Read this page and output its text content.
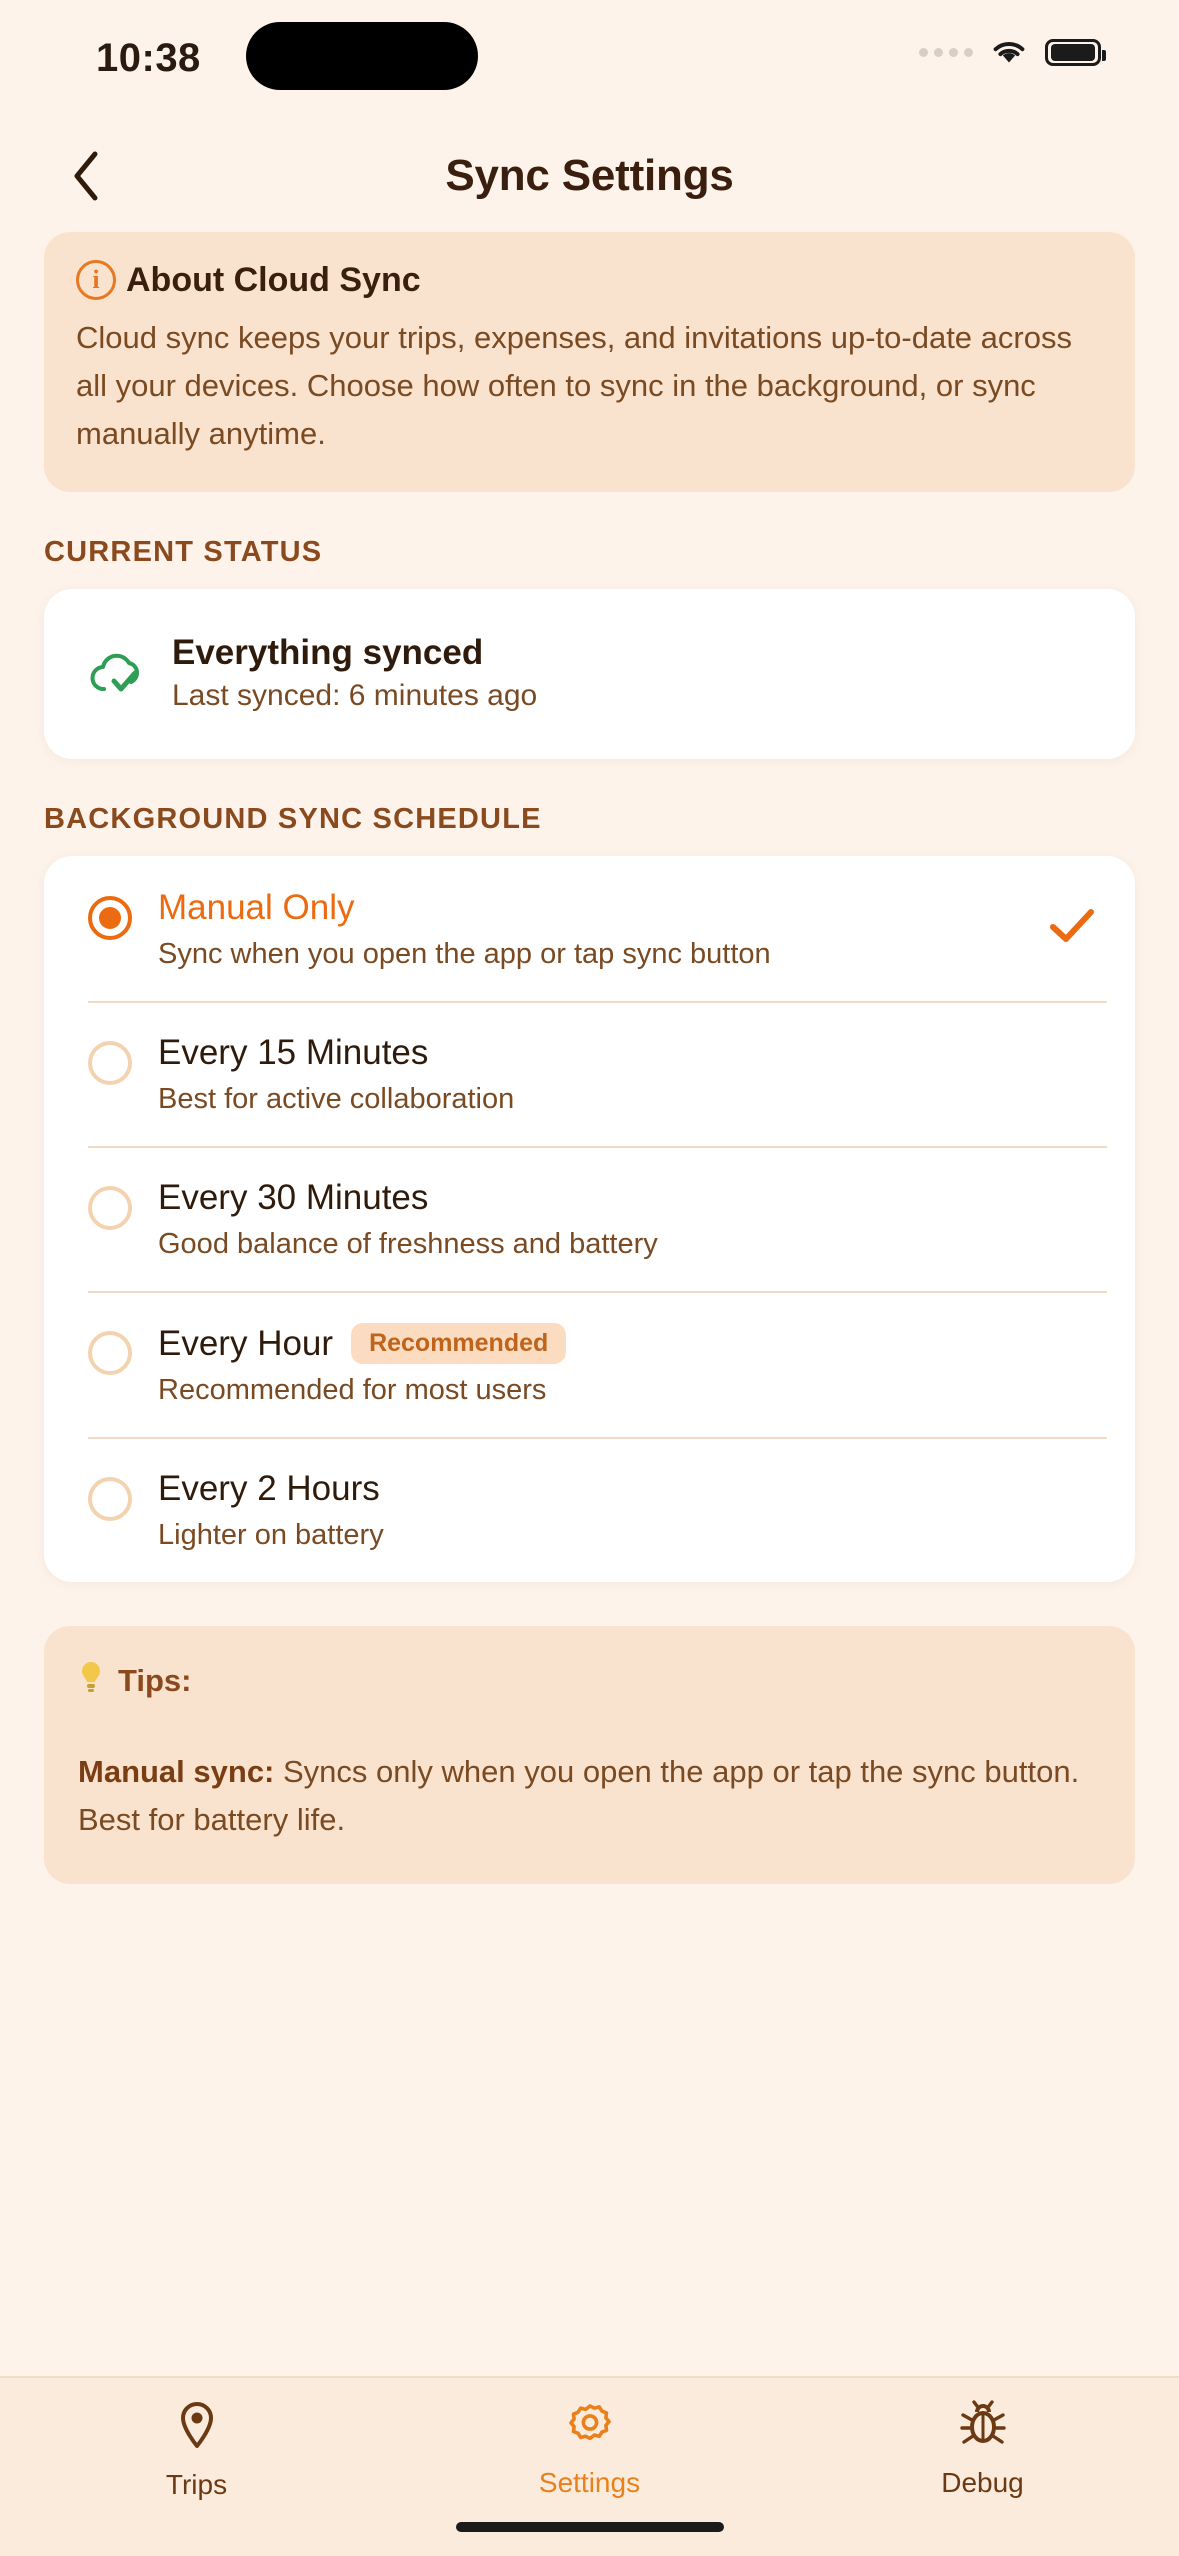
10:38
Sync Settings
i About Cloud Sync
Cloud sync keeps your trips, expenses, and invitations up-to-date across all your devices. Choose how often to sync in the background, or sync manually anytime.
CURRENT STATUS
Everything synced
Last synced: 6 minutes ago
BACKGROUND SYNC SCHEDULE
Manual Only
Sync when you open the app or tap sync button
Every 15 Minutes
Best for active collaboration
Every 30 Minutes
Good balance of freshness and battery
Every Hour	Recommended
Recommended for most users
Every 2 Hours
Lighter on battery
Tips:
Manual sync: Syncs only when you open the app or tap the sync button. Best for battery life.
Trips	Settings	Debug
